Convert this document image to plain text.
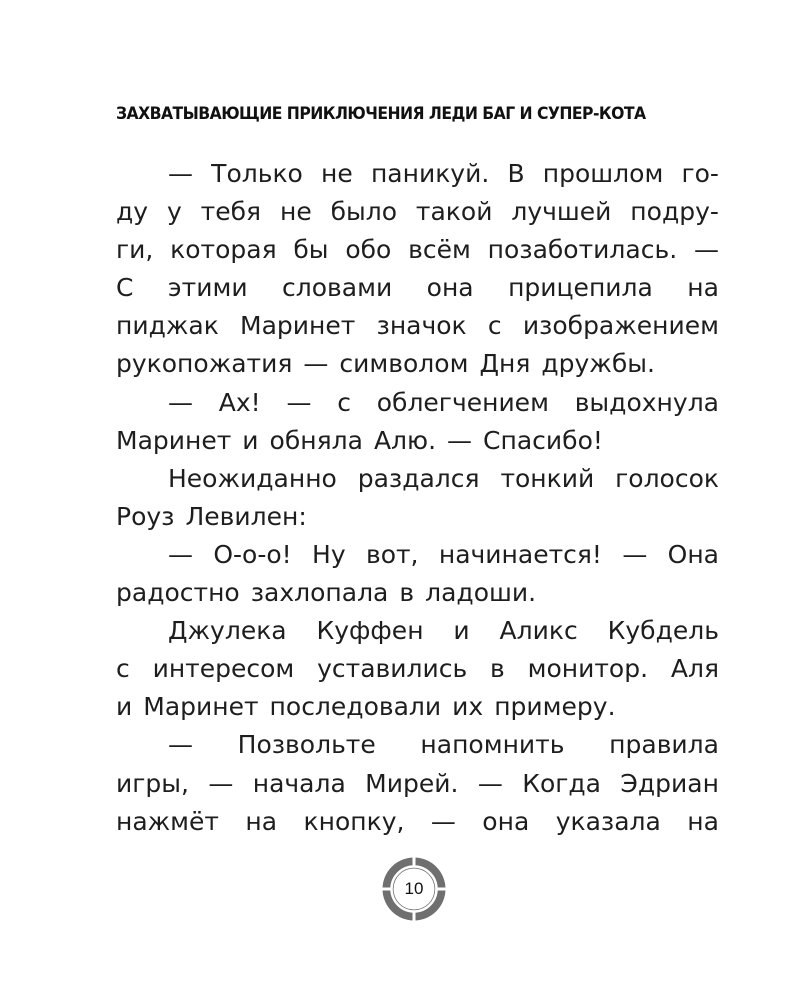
ЗАХВАТЫВАЮЩИЕ ПРИКЛЮЧЕНИЯ ЛЕДИ БАГ И СУПЕР-КОТА
— Только не паникуй. В прошлом го-
ду у тебя не было такой лучшей подру-
ги, которая бы обо всём позаботилась. —
С этими словами она прицепила на
пиджак Маринет значок с изображением
рукопожатия — символом Дня дружбы.
— Ах! — с облегчением выдохнула
Маринет и обняла Алю. — Спасибо!
Неожиданно раздался тонкий голосок
Роуз Левилен:
— О-о-о! Ну вот, начинается! — Она
радостно захлопала в ладоши.
Джулека Куффен и Аликс Кубдель
с интересом уставились в монитор. Аля
и Маринет последовали их примеру.
— Позвольте напомнить правила
игры, — начала Мирей. — Когда Эдриан
нажмёт на кнопку, — она указала на
10
